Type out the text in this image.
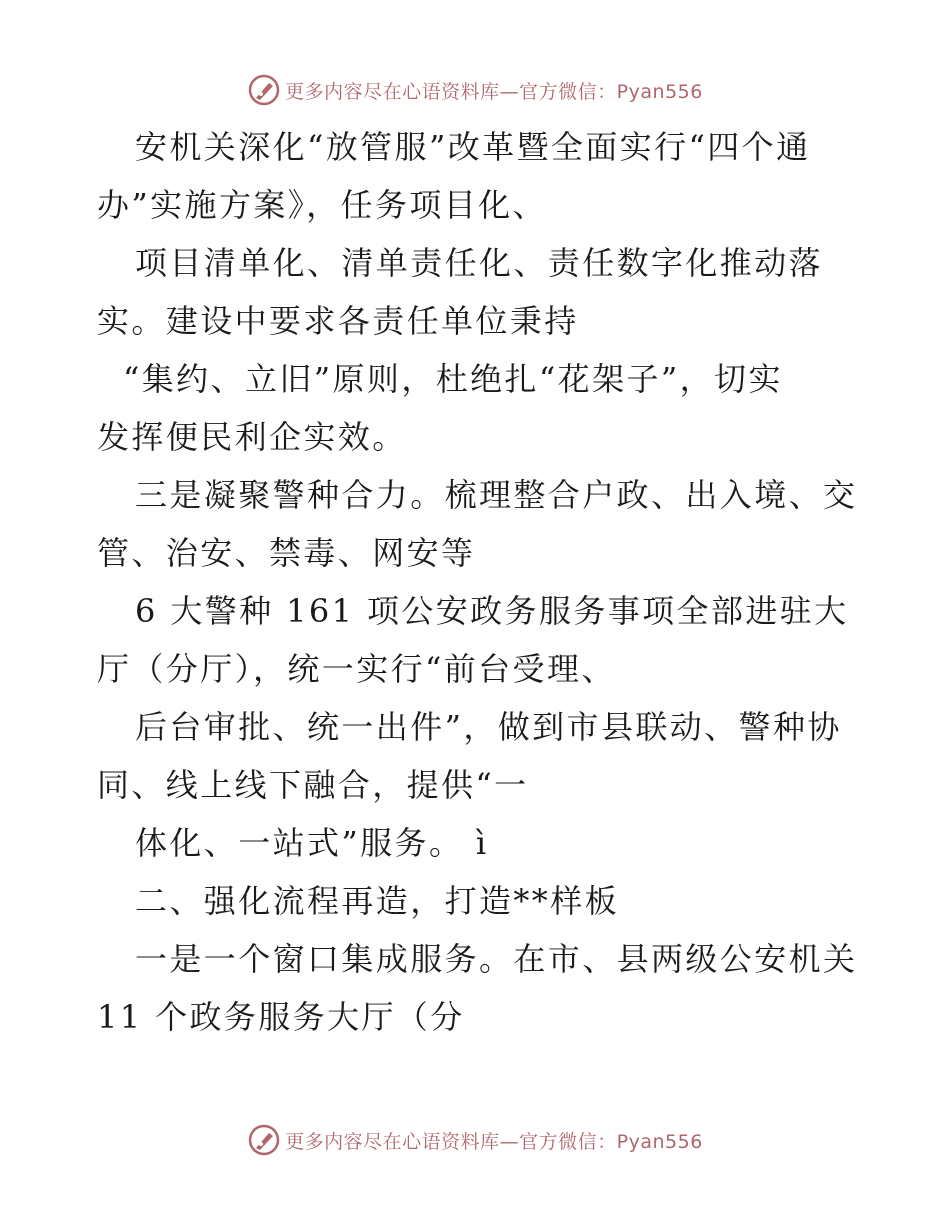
更多内容尽在心语资料库—官方微信：Pyan556
安机关深化“放管服”改革暨全面实行“四个通
办”实施方案》，任务项目化、
项目清单化、清单责任化、责任数字化推动落
实。建设中要求各责任单位秉持
“集约、立旧”原则，杜绝扎“花架子”，切实
发挥便民利企实效。
三是凝聚警种合力。梳理整合户政、出入境、交
管、治安、禁毒、网安等
6 大警种 161 项公安政务服务事项全部进驻大
厅（分厅），统一实行“前台受理、
后台审批、统一出件”，做到市县联动、警种协
同、线上线下融合，提供“一
体化、一站式”服务。 ì
二、强化流程再造，打造**样板
一是一个窗口集成服务。在市、县两级公安机关
11 个政务服务大厅（分
更多内容尽在心语资料库—官方微信：Pyan556
